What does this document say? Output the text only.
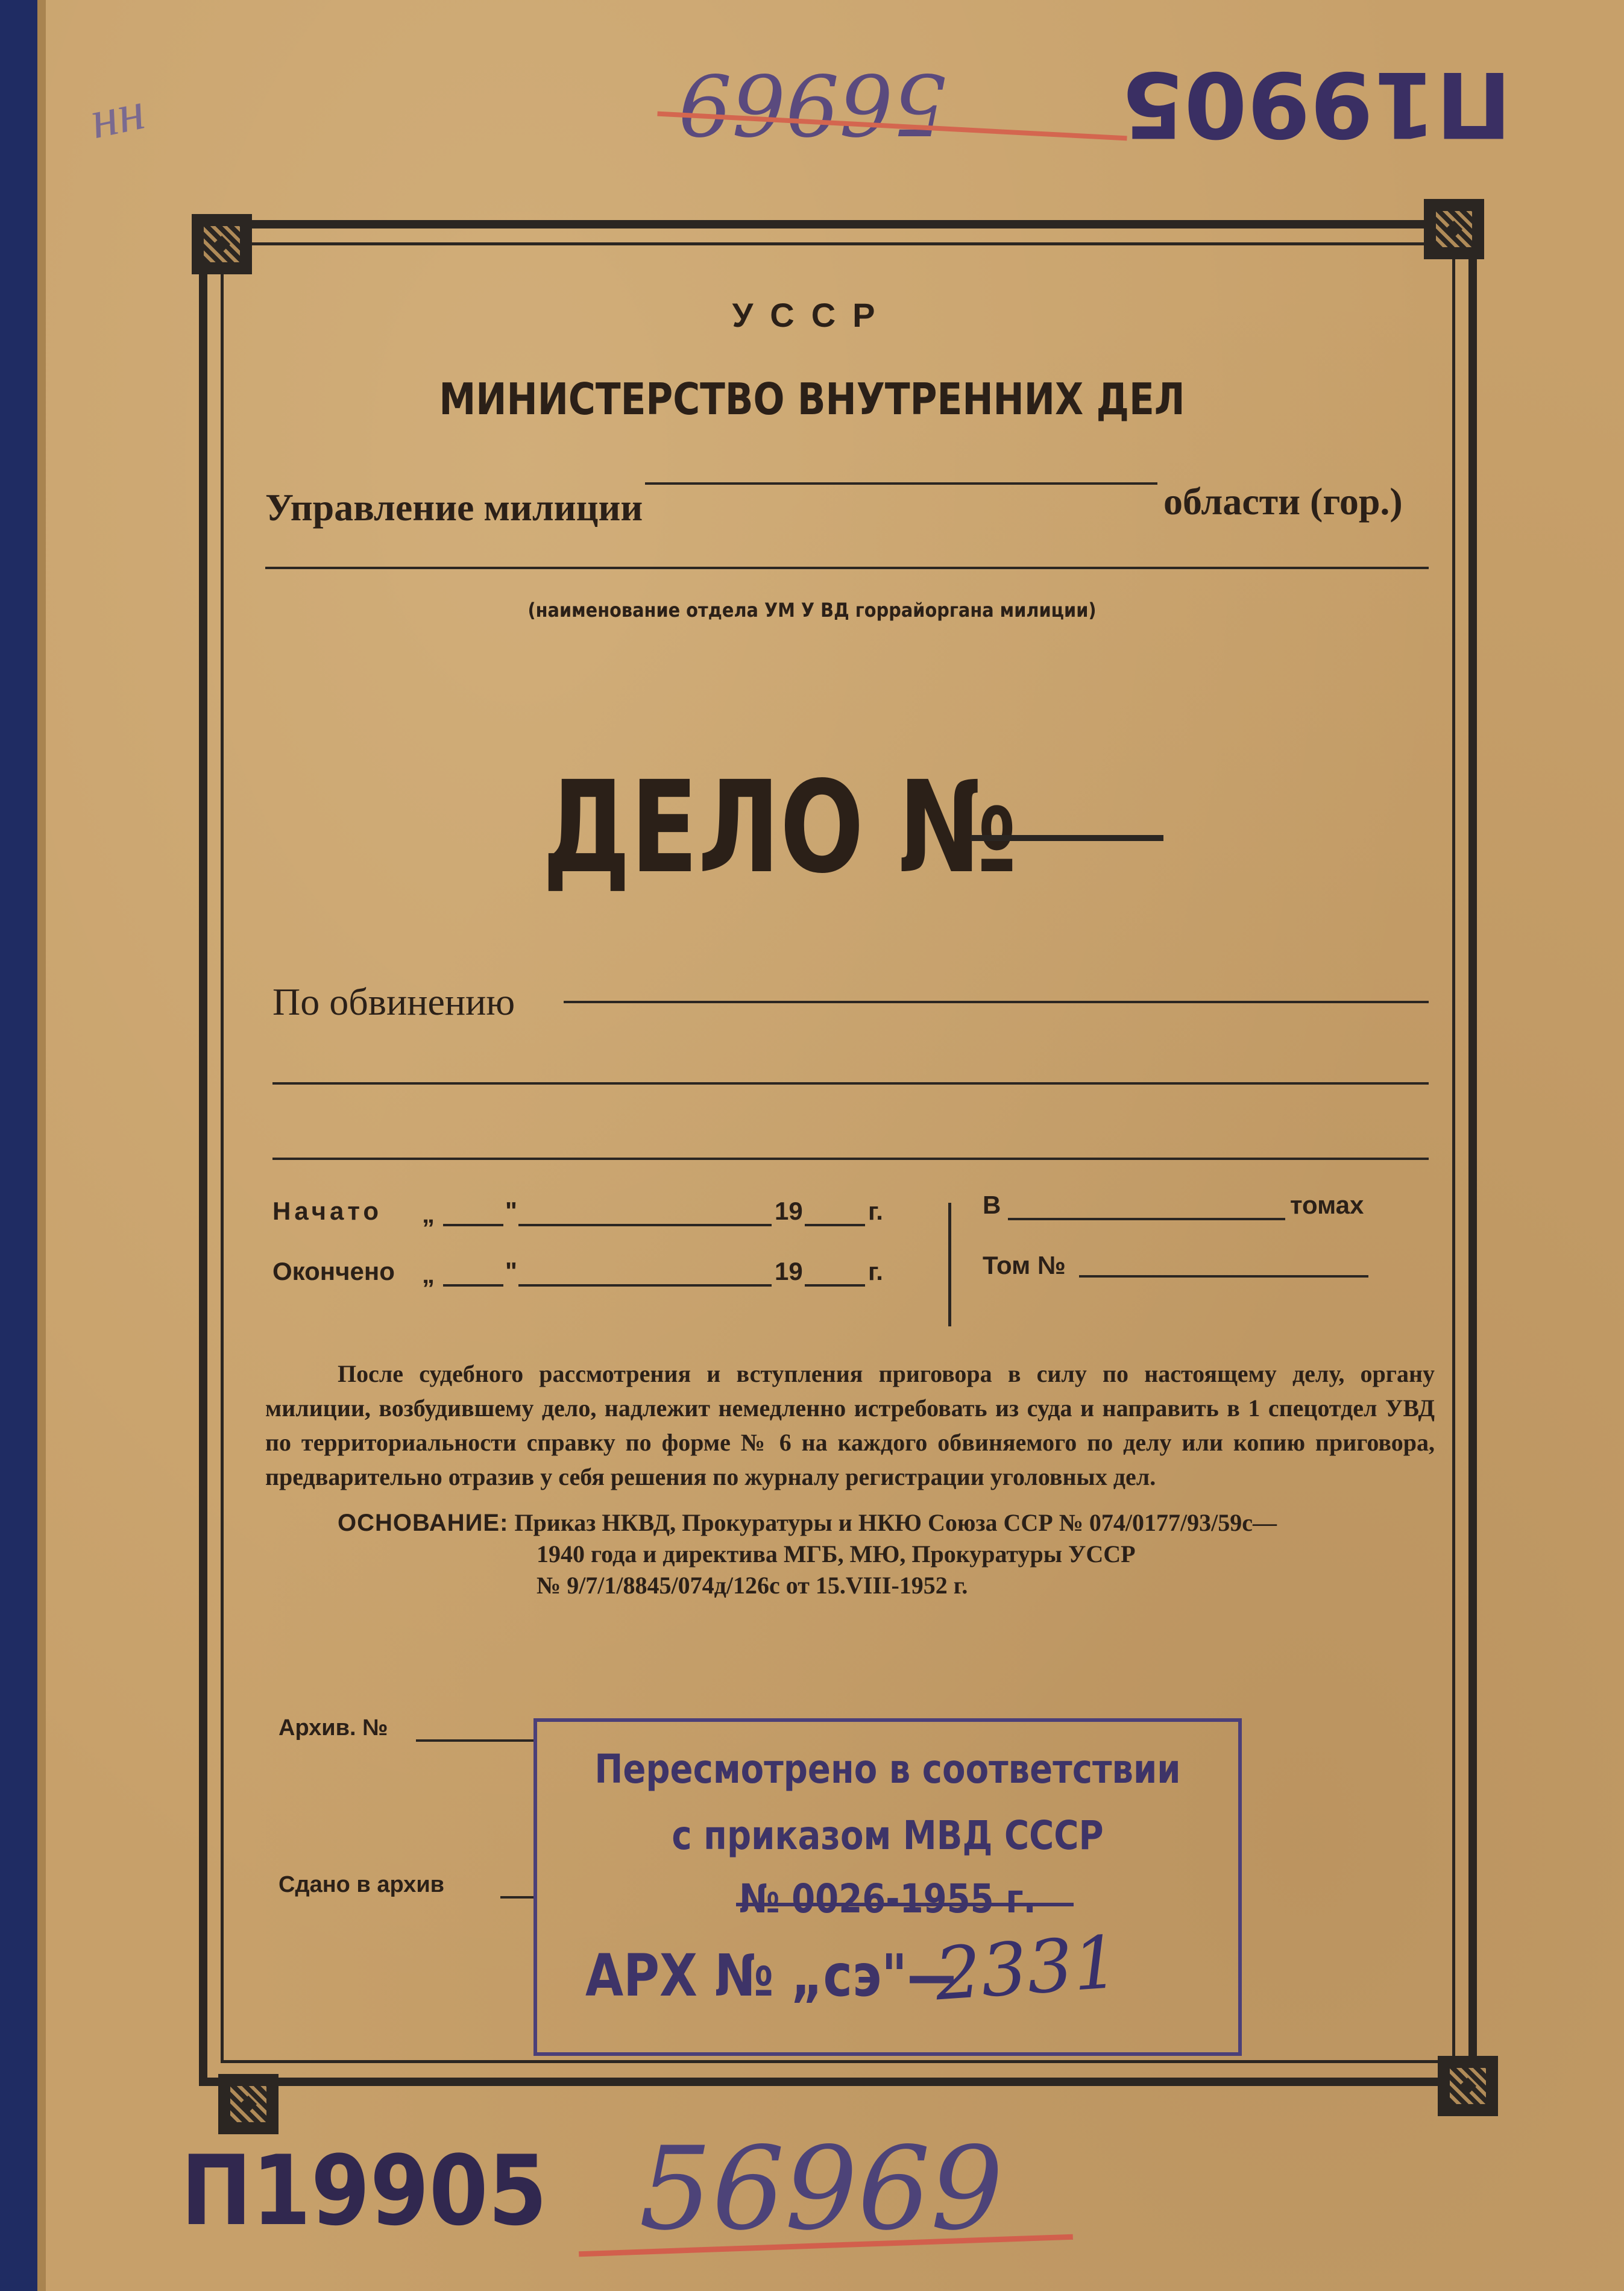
нн	56969 П19905
УССР
МИНИСТЕРСТВО ВНУТРЕННИХ ДЕЛ
Управление милиции	области (гор.)
(наименование отдела УМ У ВД горрайоргана милиции)
ДЕЛО №
По обвинению
Начато „	"	19	г.
Окончено „	"	19	г.
В	томах
Том №

После судебного рассмотрения и вступления приговора в силу по настоящему делу, органу милиции, возбудившему дело, надлежит немедленно истребовать из суда и направить в 1 спецотдел УВД по территориальности справку по форме № 6 на каждого обвиняемого по делу или копию приговора, предварительно отразив у себя решения по журналу регистрации уголовных дел.

ОСНОВАНИЕ: Приказ НКВД, Прокуратуры и НКЮ Союза ССР № 074/0177/93/59с—
1940 года и директива МГБ, МЮ, Прокуратуры УССР
№ 9/7/1/8845/074д/126с от 15.VIII-1952 г.
Архив. №
Сдано в архив
Пересмотрено в соответствии
с приказом МВД СССР
№ 0026-1955 г.
АРХ № „сэ"—
2331
П19905 56969
